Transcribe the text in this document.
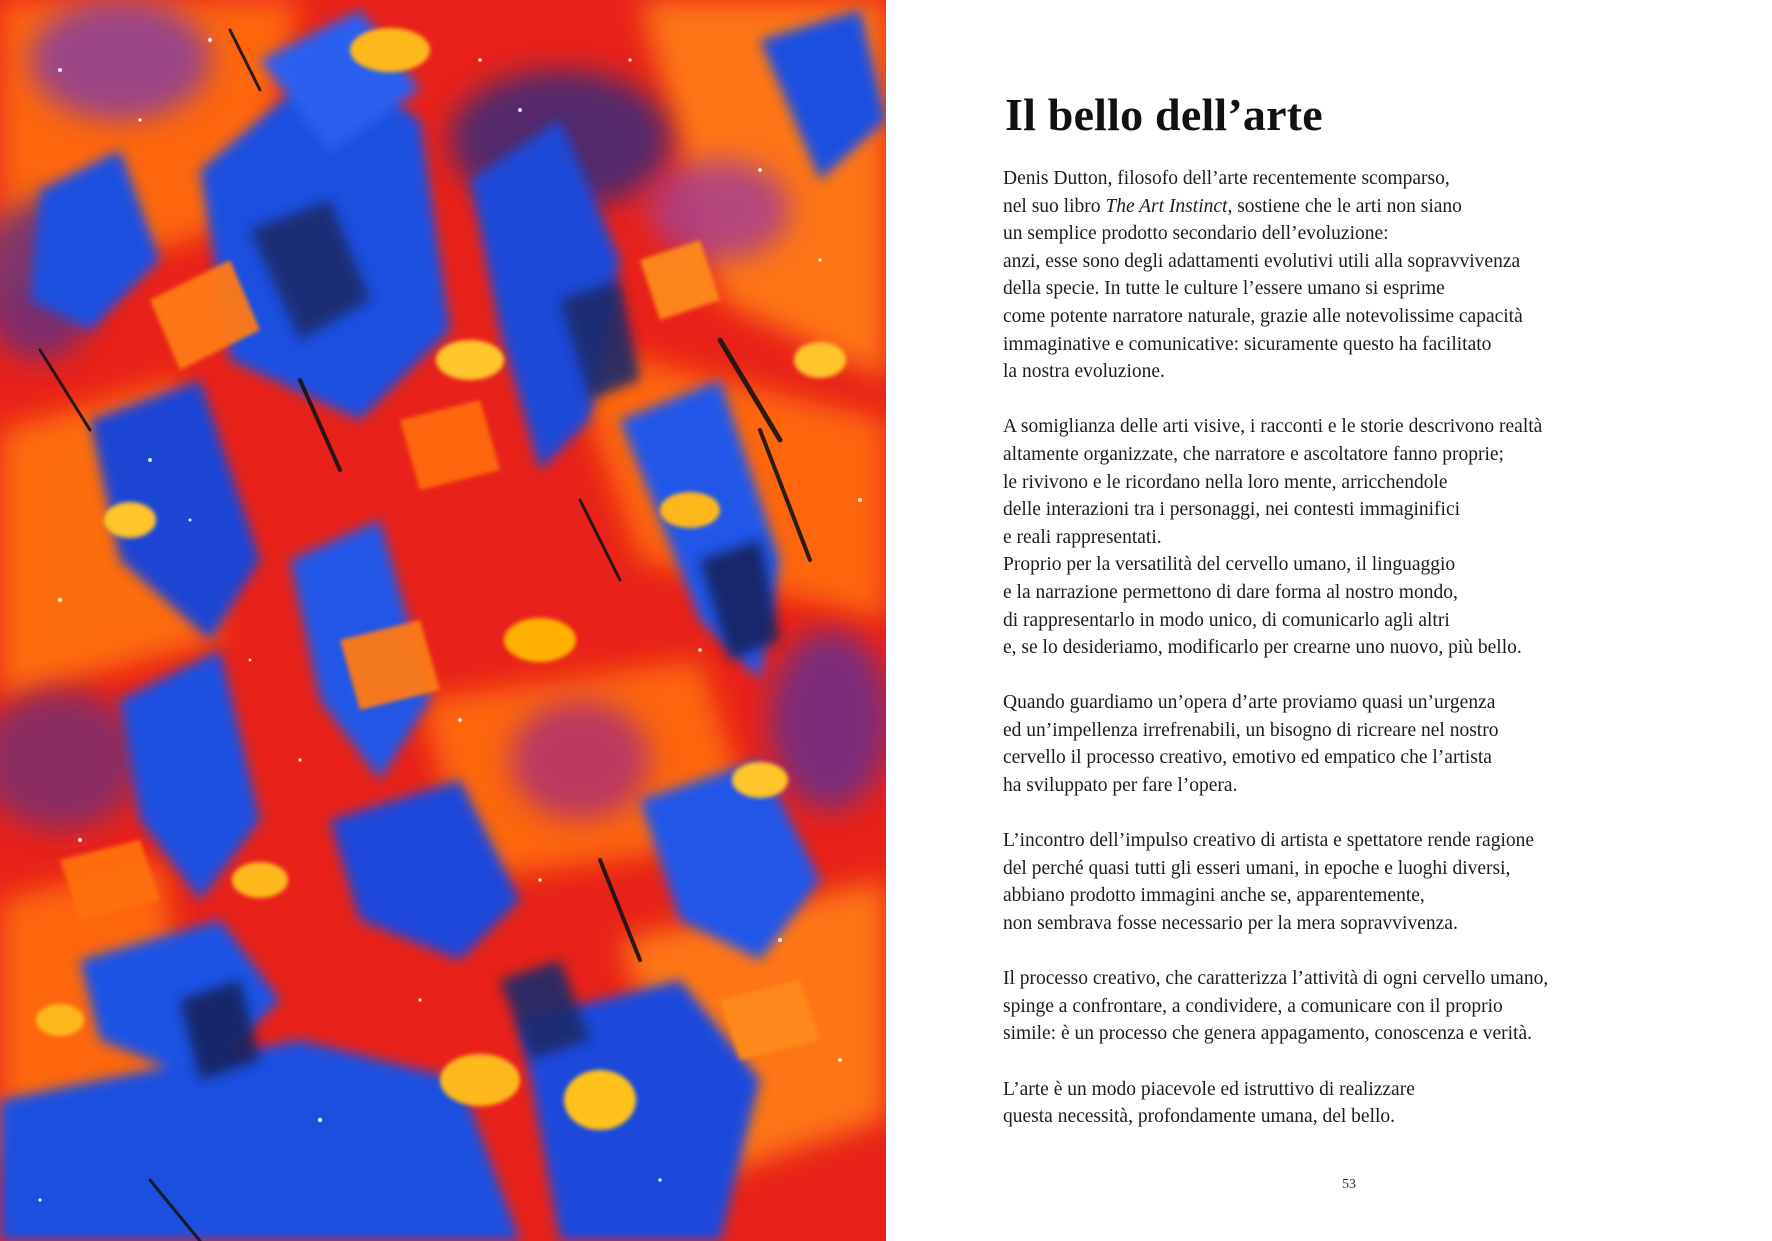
Il bello dell’arte

Denis Dutton, filosofo dell’arte recentemente scomparso,
nel suo libro The Art Instinct, sostiene che le arti non siano
un semplice prodotto secondario dell’evoluzione:
anzi, esse sono degli adattamenti evolutivi utili alla sopravvivenza
della specie. In tutte le culture l’essere umano si esprime
come potente narratore naturale, grazie alle notevolissime capacità
immaginative e comunicative: sicuramente questo ha facilitato
la nostra evoluzione.

A somiglianza delle arti visive, i racconti e le storie descrivono realtà
altamente organizzate, che narratore e ascoltatore fanno proprie;
le rivivono e le ricordano nella loro mente, arricchendole
delle interazioni tra i personaggi, nei contesti immaginifici
e reali rappresentati.
Proprio per la versatilità del cervello umano, il linguaggio
e la narrazione permettono di dare forma al nostro mondo,
di rappresentarlo in modo unico, di comunicarlo agli altri
e, se lo desideriamo, modificarlo per crearne uno nuovo, più bello.

Quando guardiamo un’opera d’arte proviamo quasi un’urgenza
ed un’impellenza irrefrenabili, un bisogno di ricreare nel nostro
cervello il processo creativo, emotivo ed empatico che l’artista
ha sviluppato per fare l’opera.

L’incontro dell’impulso creativo di artista e spettatore rende ragione
del perché quasi tutti gli esseri umani, in epoche e luoghi diversi,
abbiano prodotto immagini anche se, apparentemente,
non sembrava fosse necessario per la mera sopravvivenza.

Il processo creativo, che caratterizza l’attività di ogni cervello umano,
spinge a confrontare, a condividere, a comunicare con il proprio
simile: è un processo che genera appagamento, conoscenza e verità.

L’arte è un modo piacevole ed istruttivo di realizzare
questa necessità, profondamente umana, del bello.

53
